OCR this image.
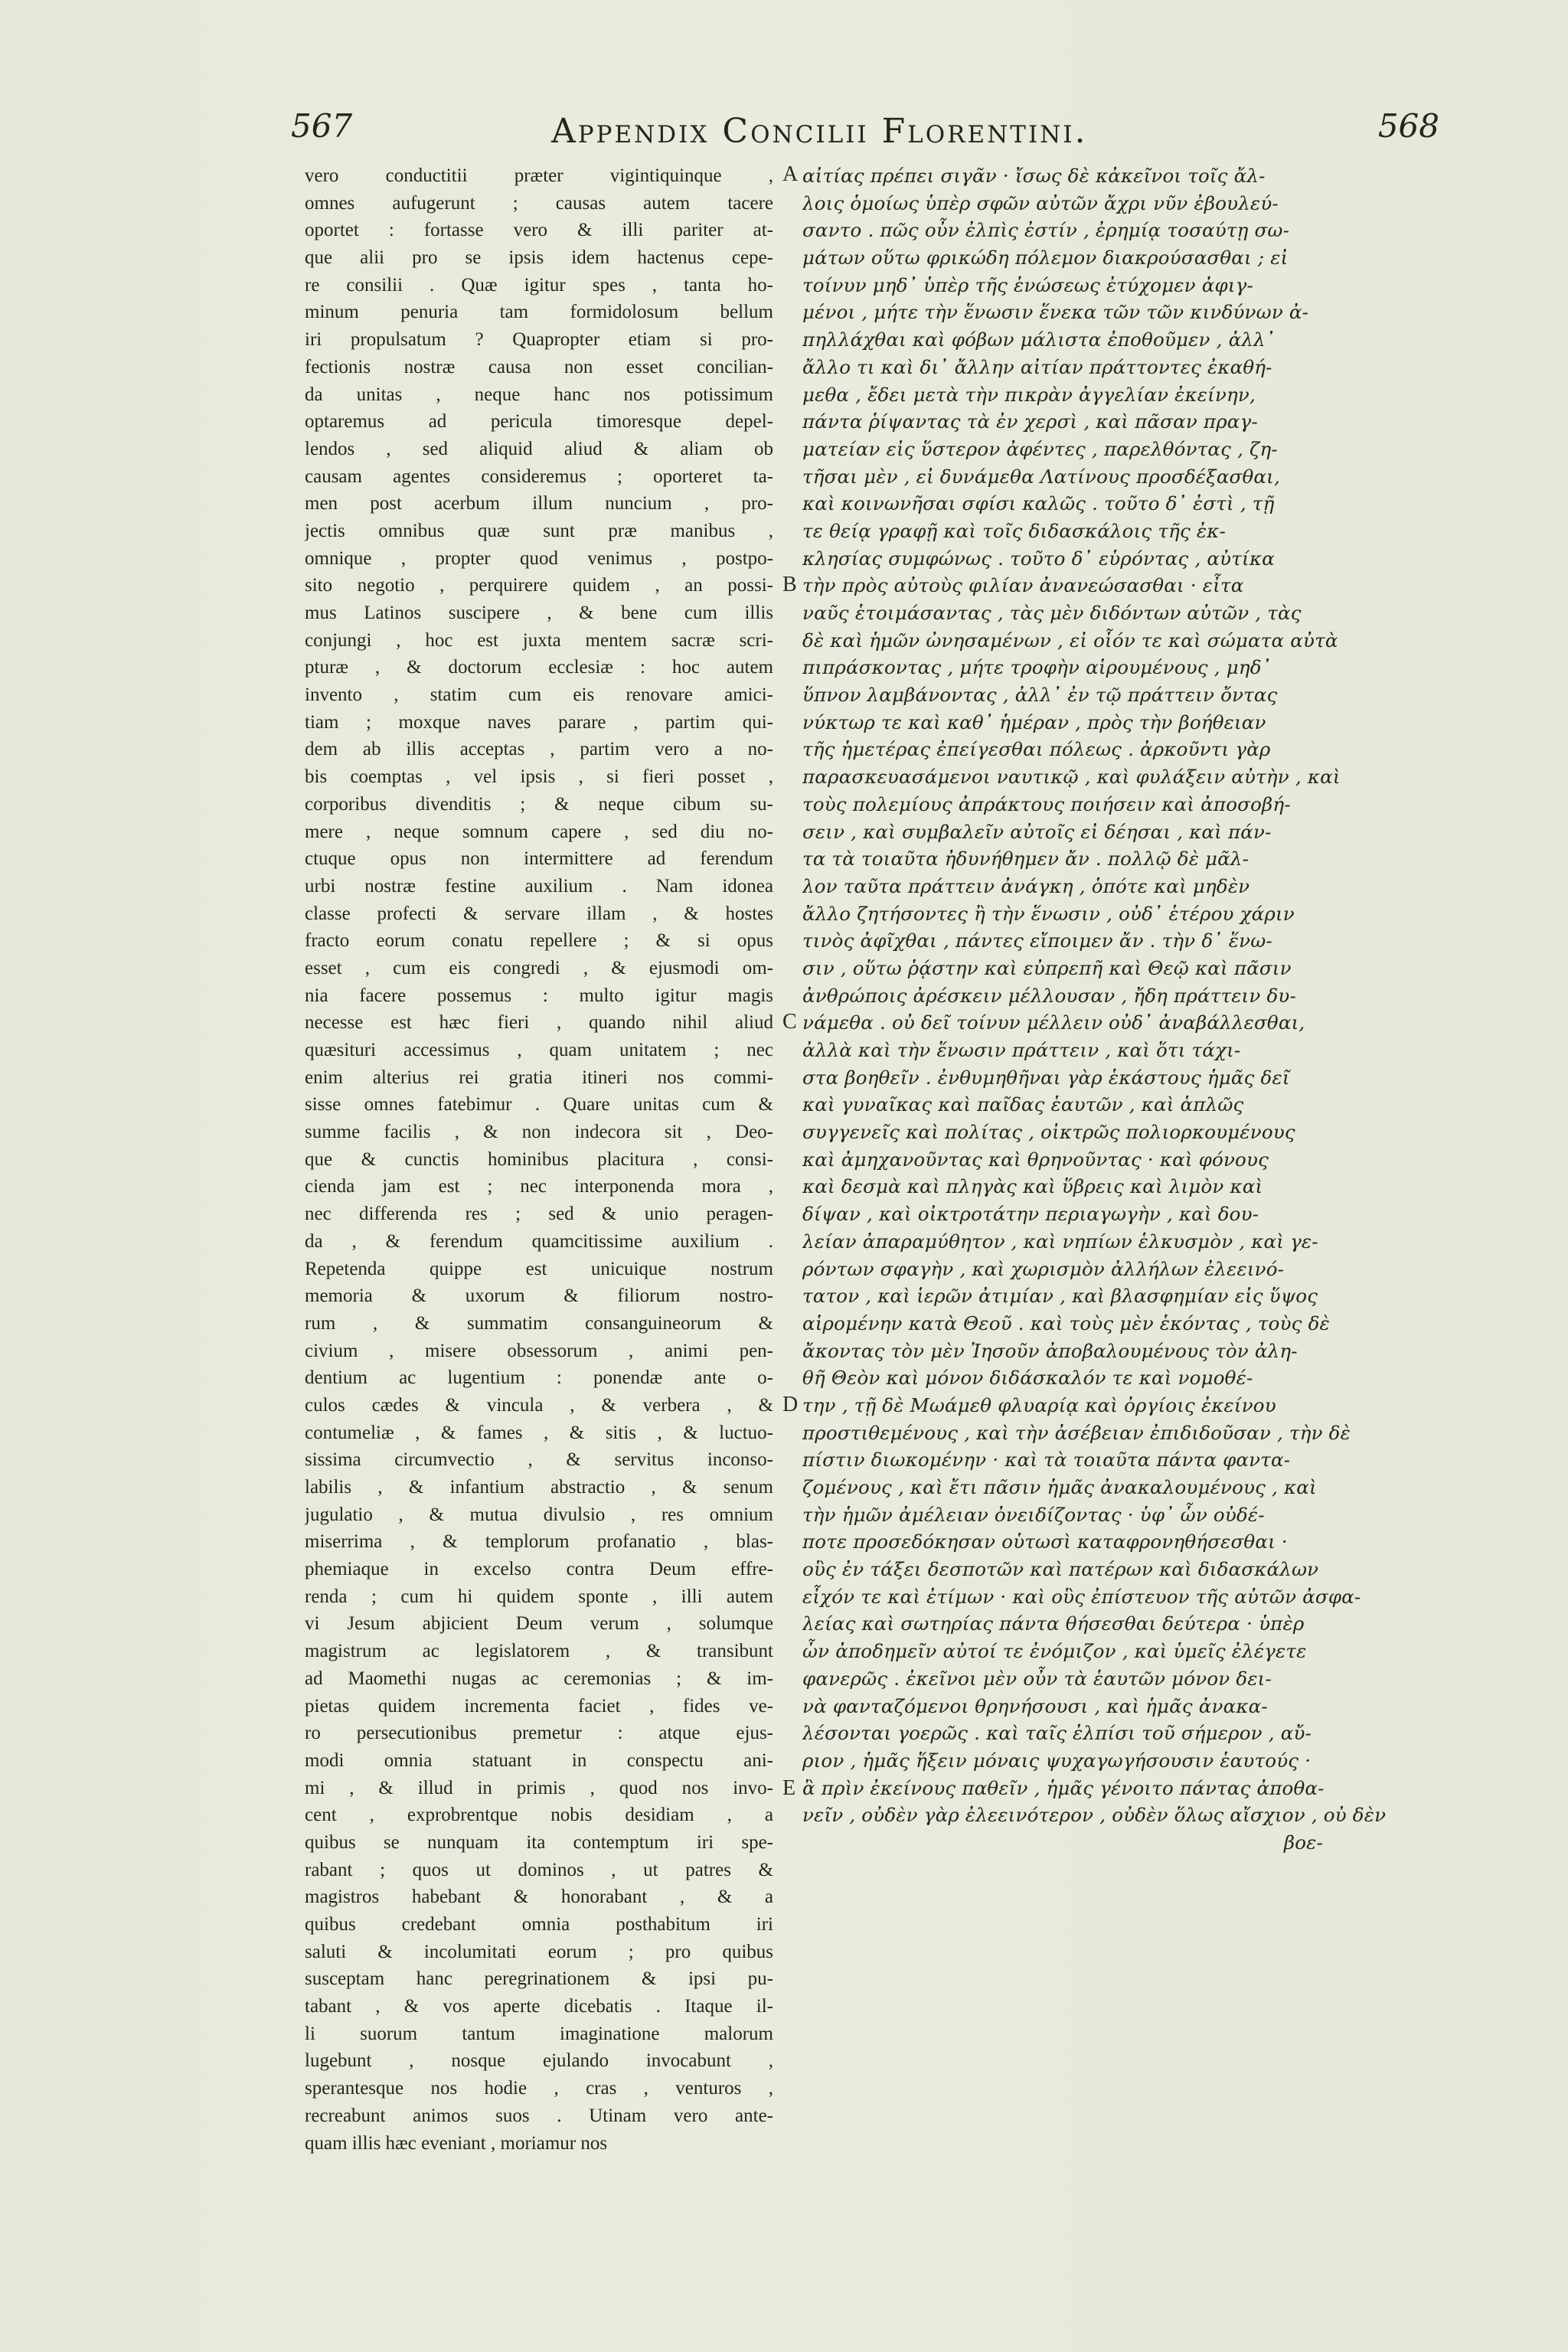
567	Appendix Concilii Florentini.	568
vero conductitii præter vigintiquinque ,
omnes aufugerunt ; causas autem tacere
oportet : fortasse vero & illi pariter at-
que alii pro se ipsis idem hactenus cepe-
re consilii . Quæ igitur spes , tanta ho-
minum penuria tam formidolosum bellum
iri propulsatum ? Quapropter etiam si pro-
fectionis nostræ causa non esset concilian-
da unitas , neque hanc nos potissimum
optaremus ad pericula timoresque depel-
lendos , sed aliquid aliud & aliam ob
causam agentes consideremus ; oporteret ta-
men post acerbum illum nuncium , pro-
jectis omnibus quæ sunt præ manibus ,
omnique , propter quod venimus , postpo-
sito negotio , perquirere quidem , an possi-
mus Latinos suscipere , & bene cum illis
conjungi , hoc est juxta mentem sacræ scri-
pturæ , & doctorum ecclesiæ : hoc autem
invento , statim cum eis renovare amici-
tiam ; moxque naves parare , partim qui-
dem ab illis acceptas , partim vero a no-
bis coemptas , vel ipsis , si fieri posset ,
corporibus divenditis ; & neque cibum su-
mere , neque somnum capere , sed diu no-
ctuque opus non intermittere ad ferendum
urbi nostræ festine auxilium . Nam idonea
classe profecti & servare illam , & hostes
fracto eorum conatu repellere ; & si opus
esset , cum eis congredi , & ejusmodi om-
nia facere possemus : multo igitur magis
necesse est hæc fieri , quando nihil aliud
quæsituri accessimus , quam unitatem ; nec
enim alterius rei gratia itineri nos commi-
sisse omnes fatebimur . Quare unitas cum &
summe facilis , & non indecora sit , Deo-
que & cunctis hominibus placitura , consi-
cienda jam est ; nec interponenda mora ,
nec differenda res ; sed & unio peragen-
da , & ferendum quamcitissime auxilium .
Repetenda quippe est unicuique nostrum
memoria & uxorum & filiorum nostro-
rum , & summatim consanguineorum &
civium , misere obsessorum , animi pen-
dentium ac lugentium : ponendæ ante o-
culos cædes & vincula , & verbera , &
contumeliæ , & fames , & sitis , & luctuo-
sissima circumvectio , & servitus inconso-
labilis , & infantium abstractio , & senum
jugulatio , & mutua divulsio , res omnium
miserrima , & templorum profanatio , blas-
phemiaque in excelso contra Deum effre-
renda ; cum hi quidem sponte , illi autem
vi Jesum abjicient Deum verum , solumque
magistrum ac legislatorem , & transibunt
ad Maomethi nugas ac ceremonias ; & im-
pietas quidem incrementa faciet , fides ve-
ro persecutionibus premetur : atque ejus-
modi omnia statuant in conspectu ani-
mi , & illud in primis , quod nos invo-
cent , exprobrentque nobis desidiam , a
quibus se nunquam ita contemptum iri spe-
rabant ; quos ut dominos , ut patres &
magistros habebant & honorabant , & a
quibus credebant omnia posthabitum iri
saluti & incolumitati eorum ; pro quibus
susceptam hanc peregrinationem & ipsi pu-
tabant , & vos aperte dicebatis . Itaque il-
li suorum tantum imaginatione malorum
lugebunt , nosque ejulando invocabunt ,
sperantesque nos hodie , cras , venturos ,
recreabunt animos suos . Utinam vero ante-
quam illis hæc eveniant , moriamur nos
A
B
C
D
E
αἰτίας πρέπει σιγᾶν · ἴσως δὲ κἀκεῖνοι τοῖς ἄλ-
λοις ὁμοίως ὑπὲρ σφῶν αὐτῶν ἄχρι νῦν ἐβουλεύ-
σαντο . πῶς οὖν ἐλπὶς ἐστίν , ἐρημίᾳ τοσαύτῃ σω-
μάτων οὕτω φρικώδη πόλεμον διακρούσασθαι ; εἰ
τοίνυν μηδ᾽ ὑπὲρ τῆς ἑνώσεως ἐτύχομεν ἀφιγ-
μένοι , μήτε τὴν ἕνωσιν ἕνεκα τῶν τῶν κινδύνων ἀ-
πηλλάχθαι καὶ φόβων μάλιστα ἐποθοῦμεν , ἀλλ᾽
ἄλλο τι καὶ δι᾽ ἄλλην αἰτίαν πράττοντες ἐκαθή-
μεθα , ἔδει μετὰ τὴν πικρὰν ἀγγελίαν ἐκείνην,
πάντα ῥίψαντας τὰ ἐν χερσὶ , καὶ πᾶσαν πραγ-
ματείαν εἰς ὕστερον ἀφέντες , παρελθόντας , ζη-
τῆσαι μὲν , εἰ δυνάμεθα Λατίνους προσδέξασθαι,
καὶ κοινωνῆσαι σφίσι καλῶς . τοῦτο δ᾽ ἐστὶ , τῇ
τε θείᾳ γραφῇ καὶ τοῖς διδασκάλοις τῆς ἐκ-
κλησίας συμφώνως . τοῦτο δ᾽ εὑρόντας , αὐτίκα
τὴν πρὸς αὐτοὺς φιλίαν ἀνανεώσασθαι · εἶτα
ναῦς ἑτοιμάσαντας , τὰς μὲν διδόντων αὐτῶν , τὰς
δὲ καὶ ἡμῶν ὠνησαμένων , εἰ οἷόν τε καὶ σώματα αὐτὰ
πιπράσκοντας , μήτε τροφὴν αἱρουμένους , μηδ᾽
ὕπνον λαμβάνοντας , ἀλλ᾽ ἐν τῷ πράττειν ὄντας
νύκτωρ τε καὶ καθ᾽ ἡμέραν , πρὸς τὴν βοήθειαν
τῆς ἡμετέρας ἐπείγεσθαι πόλεως . ἀρκοῦντι γὰρ
παρασκευασάμενοι ναυτικῷ , καὶ φυλάξειν αὐτὴν , καὶ
τοὺς πολεμίους ἀπράκτους ποιήσειν καὶ ἀποσοβή-
σειν , καὶ συμβαλεῖν αὐτοῖς εἰ δέησαι , καὶ πάν-
τα τὰ τοιαῦτα ἠδυνήθημεν ἄν . πολλῷ δὲ μᾶλ-
λον ταῦτα πράττειν ἀνάγκη , ὁπότε καὶ μηδὲν
ἄλλο ζητήσοντες ἢ τὴν ἕνωσιν , οὐδ᾽ ἑτέρου χάριν
τινὸς ἀφῖχθαι , πάντες εἴποιμεν ἄν . τὴν δ᾽ ἕνω-
σιν , οὕτω ῥᾴστην καὶ εὐπρεπῆ καὶ Θεῷ καὶ πᾶσιν
ἀνθρώποις ἀρέσκειν μέλλουσαν , ἤδη πράττειν δυ-
νάμεθα . οὐ δεῖ τοίνυν μέλλειν οὐδ᾽ ἀναβάλλεσθαι,
ἀλλὰ καὶ τὴν ἕνωσιν πράττειν , καὶ ὅτι τάχι-
στα βοηθεῖν . ἐνθυμηθῆναι γὰρ ἑκάστους ἡμᾶς δεῖ
καὶ γυναῖκας καὶ παῖδας ἑαυτῶν , καὶ ἁπλῶς
συγγενεῖς καὶ πολίτας , οἰκτρῶς πολιορκουμένους
καὶ ἀμηχανοῦντας καὶ θρηνοῦντας · καὶ φόνους
καὶ δεσμὰ καὶ πληγὰς καὶ ὕβρεις καὶ λιμὸν καὶ
δίψαν , καὶ οἰκτροτάτην περιαγωγὴν , καὶ δου-
λείαν ἀπαραμύθητον , καὶ νηπίων ἑλκυσμὸν , καὶ γε-
ρόντων σφαγὴν , καὶ χωρισμὸν ἀλλήλων ἐλεεινό-
τατον , καὶ ἱερῶν ἀτιμίαν , καὶ βλασφημίαν εἰς ὕψος
αἱρομένην κατὰ Θεοῦ . καὶ τοὺς μὲν ἑκόντας , τοὺς δὲ
ἄκοντας τὸν μὲν Ἰησοῦν ἀποβαλουμένους τὸν ἀλη-
θῆ Θεὸν καὶ μόνον διδάσκαλόν τε καὶ νομοθέ-
την , τῇ δὲ Μωάμεθ φλυαρίᾳ καὶ ὀργίοις ἐκείνου
προστιθεμένους , καὶ τὴν ἀσέβειαν ἐπιδιδοῦσαν , τὴν δὲ
πίστιν διωκομένην · καὶ τὰ τοιαῦτα πάντα φαντα-
ζομένους , καὶ ἔτι πᾶσιν ἡμᾶς ἀνακαλουμένους , καὶ
τὴν ἡμῶν ἀμέλειαν ὀνειδίζοντας · ὑφ᾽ ὧν οὐδέ-
ποτε προσεδόκησαν οὑτωσὶ καταφρονηθήσεσθαι ·
οὓς ἐν τάξει δεσποτῶν καὶ πατέρων καὶ διδασκάλων
εἶχόν τε καὶ ἐτίμων · καὶ οὓς ἐπίστευον τῆς αὐτῶν ἀσφα-
λείας καὶ σωτηρίας πάντα θήσεσθαι δεύτερα · ὑπὲρ
ὧν ἀποδημεῖν αὐτοί τε ἐνόμιζον , καὶ ὑμεῖς ἐλέγετε
φανερῶς . ἐκεῖνοι μὲν οὖν τὰ ἑαυτῶν μόνον δει-
νὰ φανταζόμενοι θρηνήσουσι , καὶ ἡμᾶς ἀνακα-
λέσονται γοερῶς . καὶ ταῖς ἐλπίσι τοῦ σήμερον , αὔ-
ριον , ἡμᾶς ἥξειν μόναις ψυχαγωγήσουσιν ἑαυτούς ·
ἃ πρὶν ἐκείνους παθεῖν , ἡμᾶς γένοιτο πάντας ἀποθα-
νεῖν , οὐδὲν γὰρ ἐλεεινότερον , οὐδὲν ὅλως αἴσχιον , οὐ δὲν
βοε-
